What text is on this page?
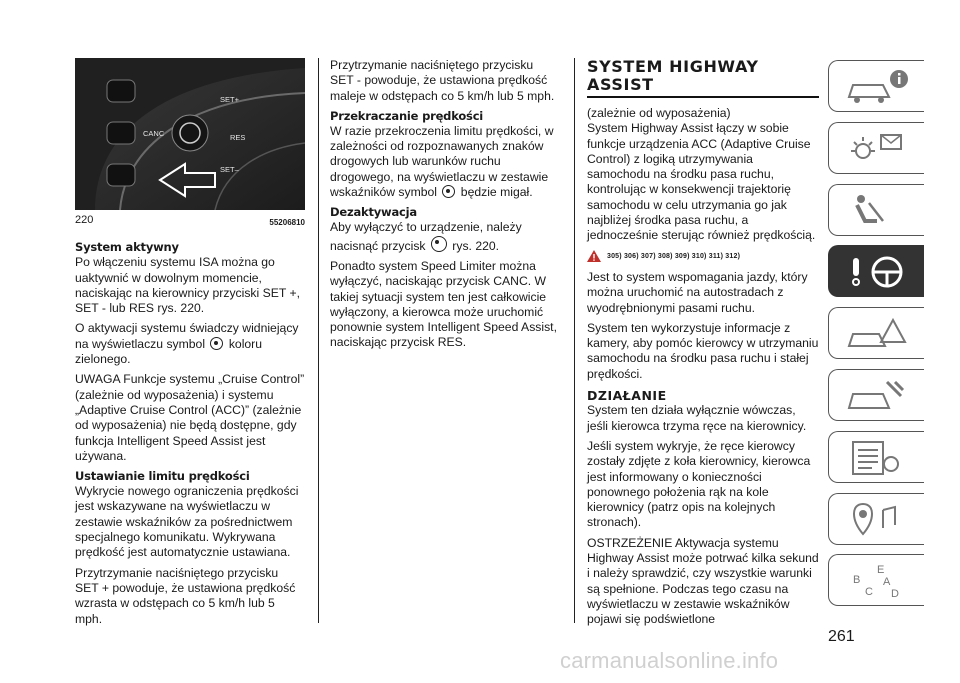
SET+
CANC	RES
SET–
220	55206810
System aktywny

Po włączeniu systemu ISA można go uaktywnić w dowolnym momencie, naciskając na kierownicy przyciski SET +, SET - lub RES rys. 220.

O aktywacji systemu świadczy widniejący na wyświetlaczu symbol koloru zielonego.

UWAGA Funkcje systemu „Cruise Control” (zależnie od wyposażenia) i systemu „Adaptive Cruise Control (ACC)” (zależnie od wyposażenia) nie będą dostępne, gdy funkcja Intelligent Speed Assist jest używana.

Ustawianie limitu prędkości

Wykrycie nowego ograniczenia prędkości jest wskazywane na wyświetlaczu w zestawie wskaźników za pośrednictwem specjalnego komunikatu. Wykrywana prędkość jest automatycznie ustawiana.

Przytrzymanie naciśniętego przycisku SET + powoduje, że ustawiona prędkość wzrasta w odstępach co 5 km/h lub 5 mph.

Przytrzymanie naciśniętego przycisku SET - powoduje, że ustawiona prędkość maleje w odstępach co 5 km/h lub 5 mph.

Przekraczanie prędkości

W razie przekroczenia limitu prędkości, w zależności od rozpoznawanych znaków drogowych lub warunków ruchu drogowego, na wyświetlaczu w zestawie wskaźników symbol będzie migał.

Dezaktywacja

Aby wyłączyć to urządzenie, należy nacisnąć przycisk rys. 220.

Ponadto system Speed Limiter można wyłączyć, naciskając przycisk CANC. W takiej sytuacji system ten jest całkowicie wyłączony, a kierowca może uruchomić ponownie system Intelligent Speed Assist, naciskając przycisk RES.

SYSTEM HIGHWAY ASSIST

(zależnie od wyposażenia)

System Highway Assist łączy w sobie funkcje urządzenia ACC (Adaptive Cruise Control) z logiką utrzymywania samochodu na środku pasa ruchu, kontrolując w konsekwencji trajektorię samochodu w celu utrzymania go jak najbliżej środka pasa ruchu, a jednocześnie sterując również prędkością.

305) 306) 307) 308) 309) 310) 311) 312)

Jest to system wspomagania jazdy, który można uruchomić na autostradach z wyodrębnionymi pasami ruchu.

System ten wykorzystuje informacje z kamery, aby pomóc kierowcy w utrzymaniu samochodu na środku pasa ruchu i stałej prędkości.

DZIAŁANIE

System ten działa wyłącznie wówczas, jeśli kierowca trzyma ręce na kierownicy.

Jeśli system wykryje, że ręce kierowcy zostały zdjęte z koła kierownicy, kierowca jest informowany o konieczności ponownego położenia rąk na kole kierownicy (patrz opis na kolejnych stronach).

OSTRZEŻENIE Aktywacja systemu Highway Assist może potrwać kilka sekund i należy sprawdzić, czy wszystkie warunki są spełnione. Podczas tego czasu na wyświetlaczu w zestawie wskaźników pojawi się podświetlone

B
C
E
A
D
261
carmanualsonline.info
